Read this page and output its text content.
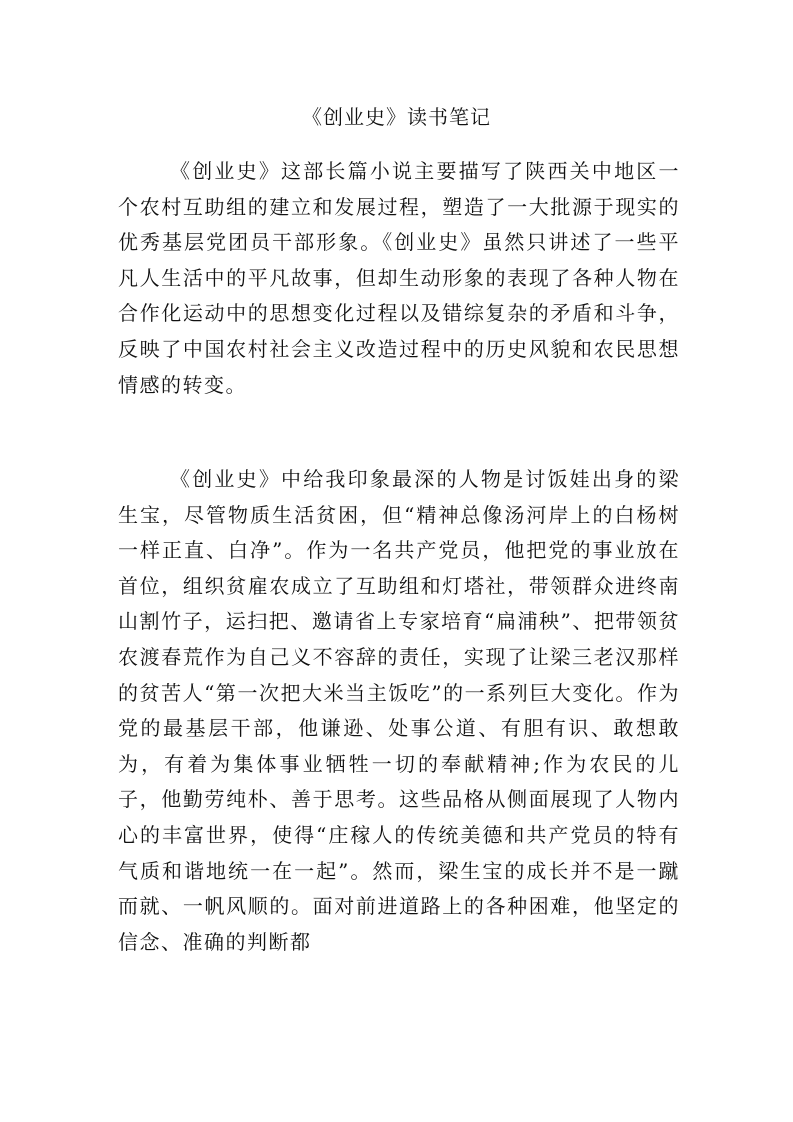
《创业史》读书笔记

《创业史》这部长篇小说主要描写了陕西关中地区一个农村互助组的建立和发展过程，塑造了一大批源于现实的优秀基层党团员干部形象。《创业史》虽然只讲述了一些平凡人生活中的平凡故事，但却生动形象的表现了各种人物在合作化运动中的思想变化过程以及错综复杂的矛盾和斗争，反映了中国农村社会主义改造过程中的历史风貌和农民思想情感的转变。

《创业史》中给我印象最深的人物是讨饭娃出身的梁生宝，尽管物质生活贫困，但“精神总像汤河岸上的白杨树一样正直、白净”。作为一名共产党员，他把党的事业放在首位，组织贫雇农成立了互助组和灯塔社，带领群众进终南山割竹子，运扫把、邀请省上专家培育“扁浦秧”、把带领贫农渡春荒作为自己义不容辞的责任，实现了让梁三老汉那样的贫苦人“第一次把大米当主饭吃”的一系列巨大变化。作为党的最基层干部，他谦逊、处事公道、有胆有识、敢想敢为，有着为集体事业牺牲一切的奉献精神;作为农民的儿子，他勤劳纯朴、善于思考。这些品格从侧面展现了人物内心的丰富世界，使得“庄稼人的传统美德和共产党员的特有气质和谐地统一在一起”。然而，梁生宝的成长并不是一蹴而就、一帆风顺的。面对前进道路上的各种困难，他坚定的信念、准确的判断都
